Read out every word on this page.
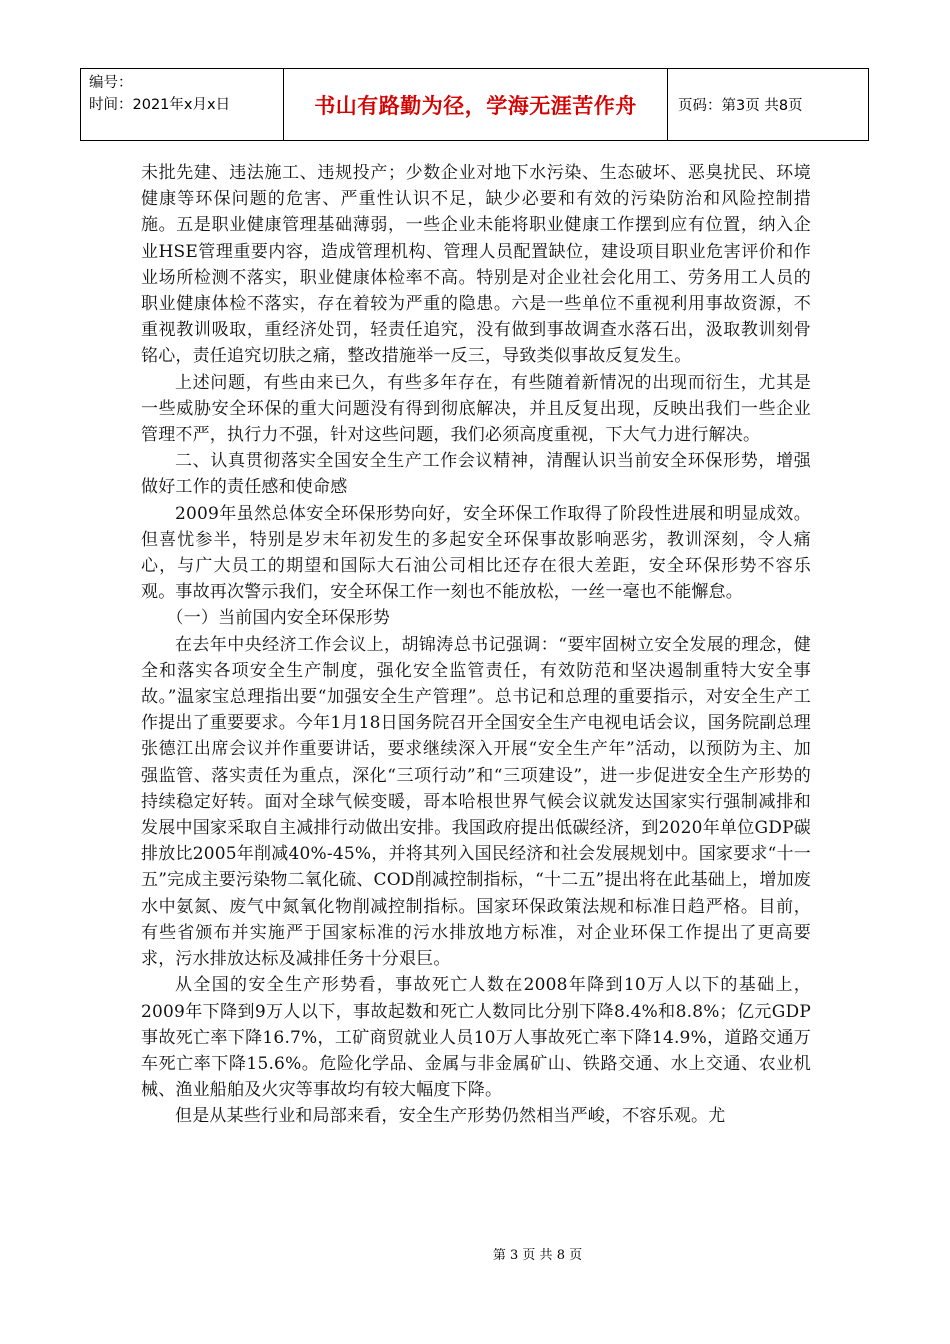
编号：
时间：2021年x月x日	书山有路勤为径，学海无涯苦作舟	页码：第3页 共8页

未批先建、违法施工、违规投产；少数企业对地下水污染、生态破坏、恶臭扰民、环境健康等环保问题的危害、严重性认识不足，缺少必要和有效的污染防治和风险控制措施。五是职业健康管理基础薄弱，一些企业未能将职业健康工作摆到应有位置，纳入企业HSE管理重要内容，造成管理机构、管理人员配置缺位，建设项目职业危害评价和作业场所检测不落实，职业健康体检率不高。特别是对企业社会化用工、劳务用工人员的职业健康体检不落实，存在着较为严重的隐患。六是一些单位不重视利用事故资源，不重视教训吸取，重经济处罚，轻责任追究，没有做到事故调查水落石出，汲取教训刻骨铭心，责任追究切肤之痛，整改措施举一反三，导致类似事故反复发生。

上述问题，有些由来已久，有些多年存在，有些随着新情况的出现而衍生，尤其是一些威胁安全环保的重大问题没有得到彻底解决，并且反复出现，反映出我们一些企业管理不严，执行力不强，针对这些问题，我们必须高度重视，下大气力进行解决。

二、认真贯彻落实全国安全生产工作会议精神，清醒认识当前安全环保形势，增强做好工作的责任感和使命感

2009年虽然总体安全环保形势向好，安全环保工作取得了阶段性进展和明显成效。但喜忧参半，特别是岁末年初发生的多起安全环保事故影响恶劣，教训深刻，令人痛心，与广大员工的期望和国际大石油公司相比还存在很大差距，安全环保形势不容乐观。事故再次警示我们，安全环保工作一刻也不能放松，一丝一毫也不能懈怠。

（一）当前国内安全环保形势

在去年中央经济工作会议上，胡锦涛总书记强调：“要牢固树立安全发展的理念，健全和落实各项安全生产制度，强化安全监管责任，有效防范和坚决遏制重特大安全事故。”温家宝总理指出要“加强安全生产管理”。总书记和总理的重要指示，对安全生产工作提出了重要要求。今年1月18日国务院召开全国安全生产电视电话会议，国务院副总理张德江出席会议并作重要讲话，要求继续深入开展“安全生产年”活动，以预防为主、加强监管、落实责任为重点，深化“三项行动”和“三项建设”，进一步促进安全生产形势的持续稳定好转。面对全球气候变暖，哥本哈根世界气候会议就发达国家实行强制减排和发展中国家采取自主减排行动做出安排。我国政府提出低碳经济，到2020年单位GDP碳排放比2005年削减40%-45%，并将其列入国民经济和社会发展规划中。国家要求“十一五”完成主要污染物二氧化硫、COD削减控制指标，“十二五”提出将在此基础上，增加废水中氨氮、废气中氮氧化物削减控制指标。国家环保政策法规和标准日趋严格。目前，有些省颁布并实施严于国家标准的污水排放地方标准，对企业环保工作提出了更高要求，污水排放达标及减排任务十分艰巨。

从全国的安全生产形势看，事故死亡人数在2008年降到10万人以下的基础上，2009年下降到9万人以下，事故起数和死亡人数同比分别下降8.4%和8.8%；亿元GDP事故死亡率下降16.7%，工矿商贸就业人员10万人事故死亡率下降14.9%，道路交通万车死亡率下降15.6%。危险化学品、金属与非金属矿山、铁路交通、水上交通、农业机械、渔业船舶及火灾等事故均有较大幅度下降。

但是从某些行业和局部来看，安全生产形势仍然相当严峻，不容乐观。尤

第 3 页 共 8 页
